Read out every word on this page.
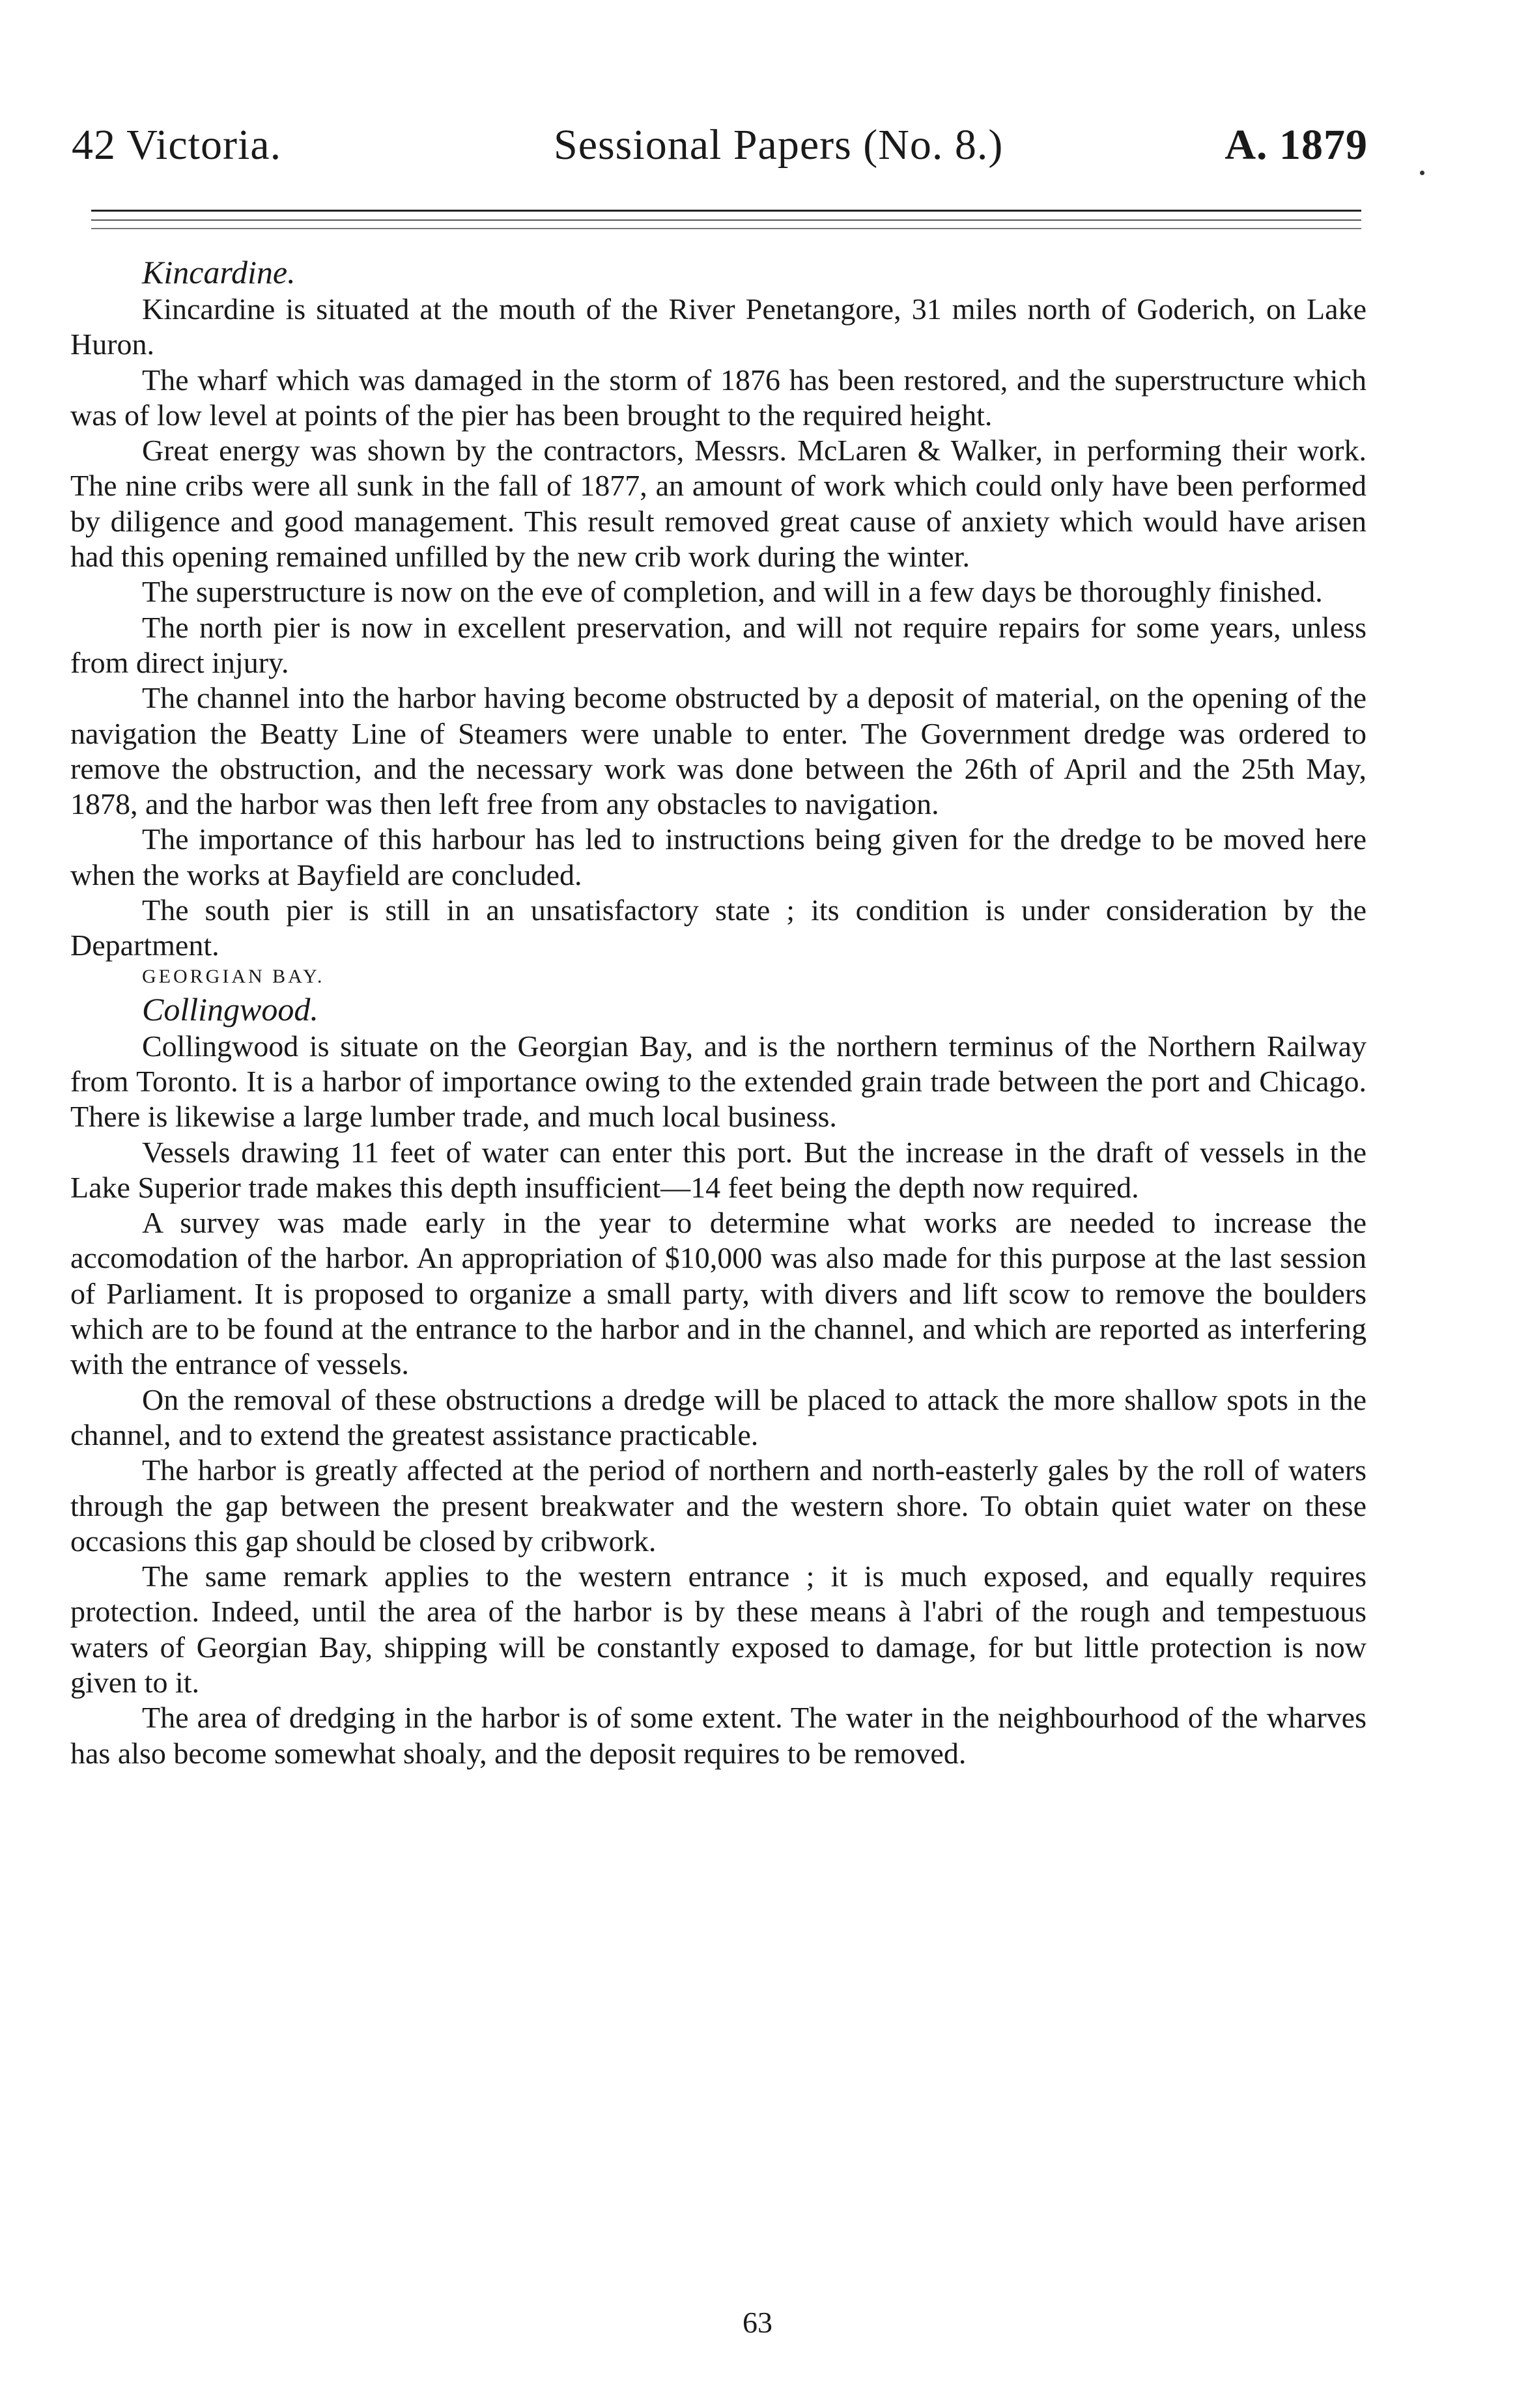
42 Victoria.	Sessional Papers (No. 8.)	A. 1879

Kincardine.

Kincardine is situated at the mouth of the River Penetangore, 31 miles north of Goderich, on Lake Huron.

The wharf which was damaged in the storm of 1876 has been restored, and the superstructure which was of low level at points of the pier has been brought to the required height.

Great energy was shown by the contractors, Messrs. McLaren & Walker, in performing their work. The nine cribs were all sunk in the fall of 1877, an amount of work which could only have been performed by diligence and good management. This result removed great cause of anxiety which would have arisen had this opening remained unfilled by the new crib work during the winter.

The superstructure is now on the eve of completion, and will in a few days be thoroughly finished.

The north pier is now in excellent preservation, and will not require repairs for some years, unless from direct injury.

The channel into the harbor having become obstructed by a deposit of material, on the opening of the navigation the Beatty Line of Steamers were unable to enter. The Government dredge was ordered to remove the obstruction, and the necessary work was done between the 26th of April and the 25th May, 1878, and the harbor was then left free from any obstacles to navigation.

The importance of this harbour has led to instructions being given for the dredge to be moved here when the works at Bayfield are concluded.

The south pier is still in an unsatisfactory state ; its condition is under consideration by the Department.

GEORGIAN BAY.

Collingwood.

Collingwood is situate on the Georgian Bay, and is the northern terminus of the Northern Railway from Toronto. It is a harbor of importance owing to the extended grain trade between the port and Chicago. There is likewise a large lumber trade, and much local business.

Vessels drawing 11 feet of water can enter this port. But the increase in the draft of vessels in the Lake Superior trade makes this depth insufficient—14 feet being the depth now required.

A survey was made early in the year to determine what works are needed to increase the accomodation of the harbor. An appropriation of $10,000 was also made for this purpose at the last session of Parliament. It is proposed to organize a small party, with divers and lift scow to remove the boulders which are to be found at the entrance to the harbor and in the channel, and which are reported as interfering with the entrance of vessels.

On the removal of these obstructions a dredge will be placed to attack the more shallow spots in the channel, and to extend the greatest assistance practicable.

The harbor is greatly affected at the period of northern and north-easterly gales by the roll of waters through the gap between the present breakwater and the western shore. To obtain quiet water on these occasions this gap should be closed by cribwork.

The same remark applies to the western entrance ; it is much exposed, and equally requires protection. Indeed, until the area of the harbor is by these means à l'abri of the rough and tempestuous waters of Georgian Bay, shipping will be constantly exposed to damage, for but little protection is now given to it.

The area of dredging in the harbor is of some extent. The water in the neighbourhood of the wharves has also become somewhat shoaly, and the deposit requires to be removed.

63
